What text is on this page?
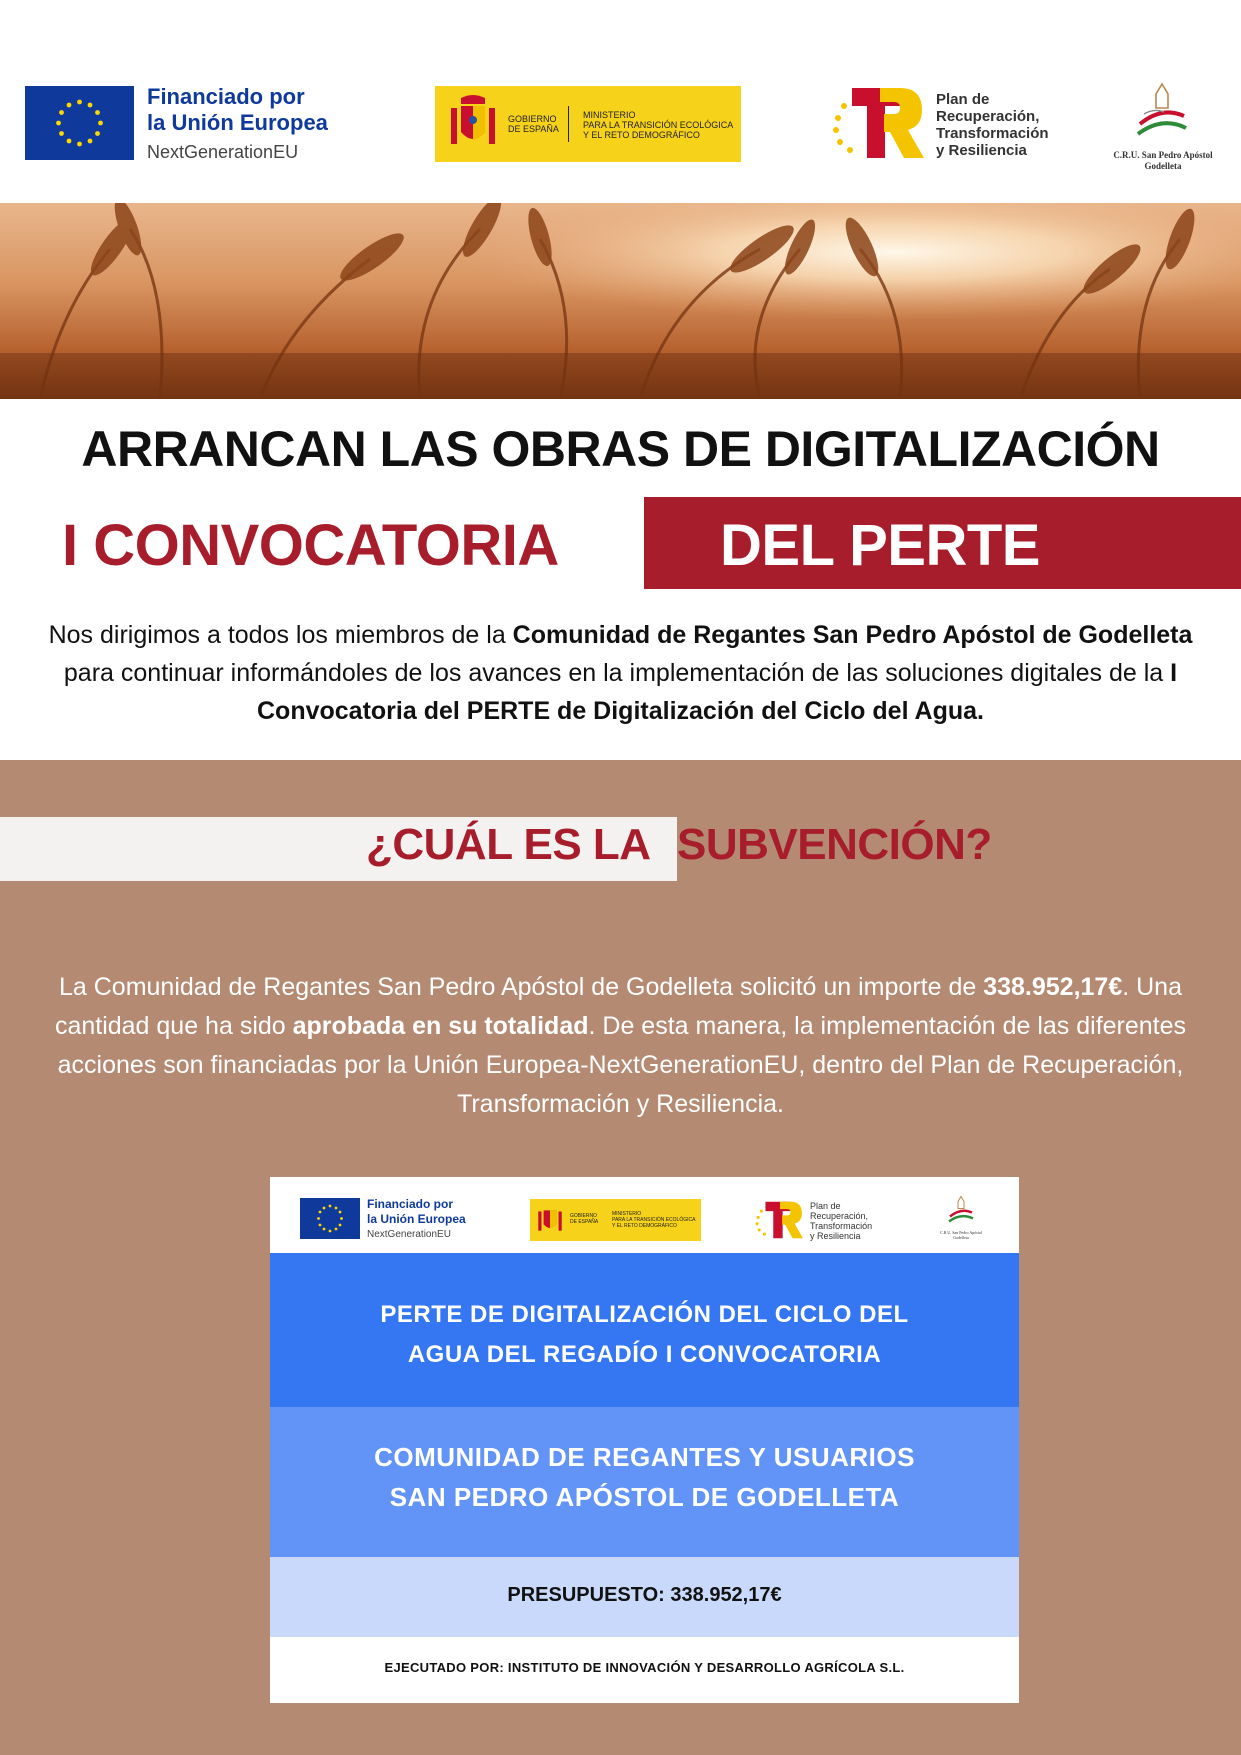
Financiado por
la Unión Europea
NextGenerationEU
GOBIERNO
DE ESPAÑA
MINISTERIO
PARA LA TRANSICIÓN ECOLÓGICA
Y EL RETO DEMOGRÁFICO
Plan de
Recuperación,
Transformación
y Resiliencia	C.R.U. San Pedro Apóstol
Godelleta
ARRANCAN LAS OBRAS DE DIGITALIZACIÓN
I CONVOCATORIA	DEL PERTE
Nos dirigimos a todos los miembros de la Comunidad de Regantes San Pedro Apóstol de Godelleta para continuar informándoles de los avances en la implementación de las soluciones digitales de la I Convocatoria del PERTE de Digitalización del Ciclo del Agua.
¿CUÁL ES LA SUBVENCIÓN?
La Comunidad de Regantes San Pedro Apóstol de Godelleta solicitó un importe de 338.952,17€. Una cantidad que ha sido aprobada en su totalidad. De esta manera, la implementación de las diferentes acciones son financiadas por la Unión Europea-NextGenerationEU, dentro del Plan de Recuperación, Transformación y Resiliencia.
Financiado por
la Unión Europea
NextGenerationEU
GOBIERNO
DE ESPAÑA
MINISTERIO
PARA LA TRANSICIÓN ECOLÓGICA
Y EL RETO DEMOGRÁFICO
Plan de
Recuperación,
Transformación
y Resiliencia	C.R.U. San Pedro Apóstol
Godelleta
PERTE DE DIGITALIZACIÓN DEL CICLO DEL
AGUA DEL REGADÍO I CONVOCATORIA
COMUNIDAD DE REGANTES Y USUARIOS
SAN PEDRO APÓSTOL DE GODELLETA
PRESUPUESTO: 338.952,17€
EJECUTADO POR: INSTITUTO DE INNOVACIÓN Y DESARROLLO AGRÍCOLA S.L.
